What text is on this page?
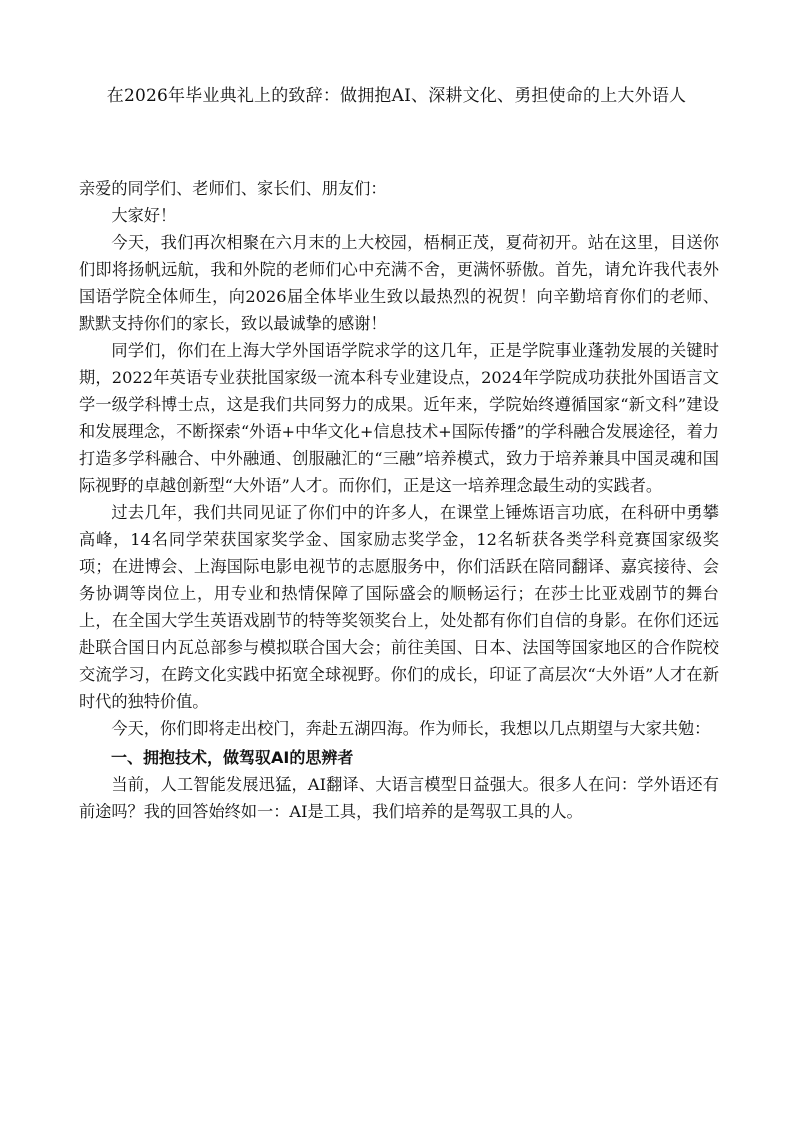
在2026年毕业典礼上的致辞：做拥抱AI、深耕文化、勇担使命的上大外语人

亲爱的同学们、老师们、家长们、朋友们：

大家好！

今天，我们再次相聚在六月末的上大校园，梧桐正茂，夏荷初开。站在这里，目送你们即将扬帆远航，我和外院的老师们心中充满不舍，更满怀骄傲。首先，请允许我代表外国语学院全体师生，向2026届全体毕业生致以最热烈的祝贺！向辛勤培育你们的老师、默默支持你们的家长，致以最诚挚的感谢！

同学们，你们在上海大学外国语学院求学的这几年，正是学院事业蓬勃发展的关键时期，2022年英语专业获批国家级一流本科专业建设点，2024年学院成功获批外国语言文学一级学科博士点，这是我们共同努力的成果。近年来，学院始终遵循国家“新文科”建设和发展理念，不断探索“外语+中华文化+信息技术+国际传播”的学科融合发展途径，着力打造多学科融合、中外融通、创服融汇的“三融”培养模式，致力于培养兼具中国灵魂和国际视野的卓越创新型“大外语”人才。而你们，正是这一培养理念最生动的实践者。

过去几年，我们共同见证了你们中的许多人，在课堂上锤炼语言功底，在科研中勇攀高峰，14名同学荣获国家奖学金、国家励志奖学金，12名斩获各类学科竞赛国家级奖项；在进博会、上海国际电影电视节的志愿服务中，你们活跃在陪同翻译、嘉宾接待、会务协调等岗位上，用专业和热情保障了国际盛会的顺畅运行；在莎士比亚戏剧节的舞台上，在全国大学生英语戏剧节的特等奖领奖台上，处处都有你们自信的身影。在你们还远赴联合国日内瓦总部参与模拟联合国大会；前往美国、日本、法国等国家地区的合作院校交流学习，在跨文化实践中拓宽全球视野。你们的成长，印证了高层次“大外语”人才在新时代的独特价值。

今天，你们即将走出校门，奔赴五湖四海。作为师长，我想以几点期望与大家共勉：

一、拥抱技术，做驾驭AI的思辨者

当前，人工智能发展迅猛，AI翻译、大语言模型日益强大。很多人在问：学外语还有前途吗？我的回答始终如一：AI是工具，我们培养的是驾驭工具的人。
